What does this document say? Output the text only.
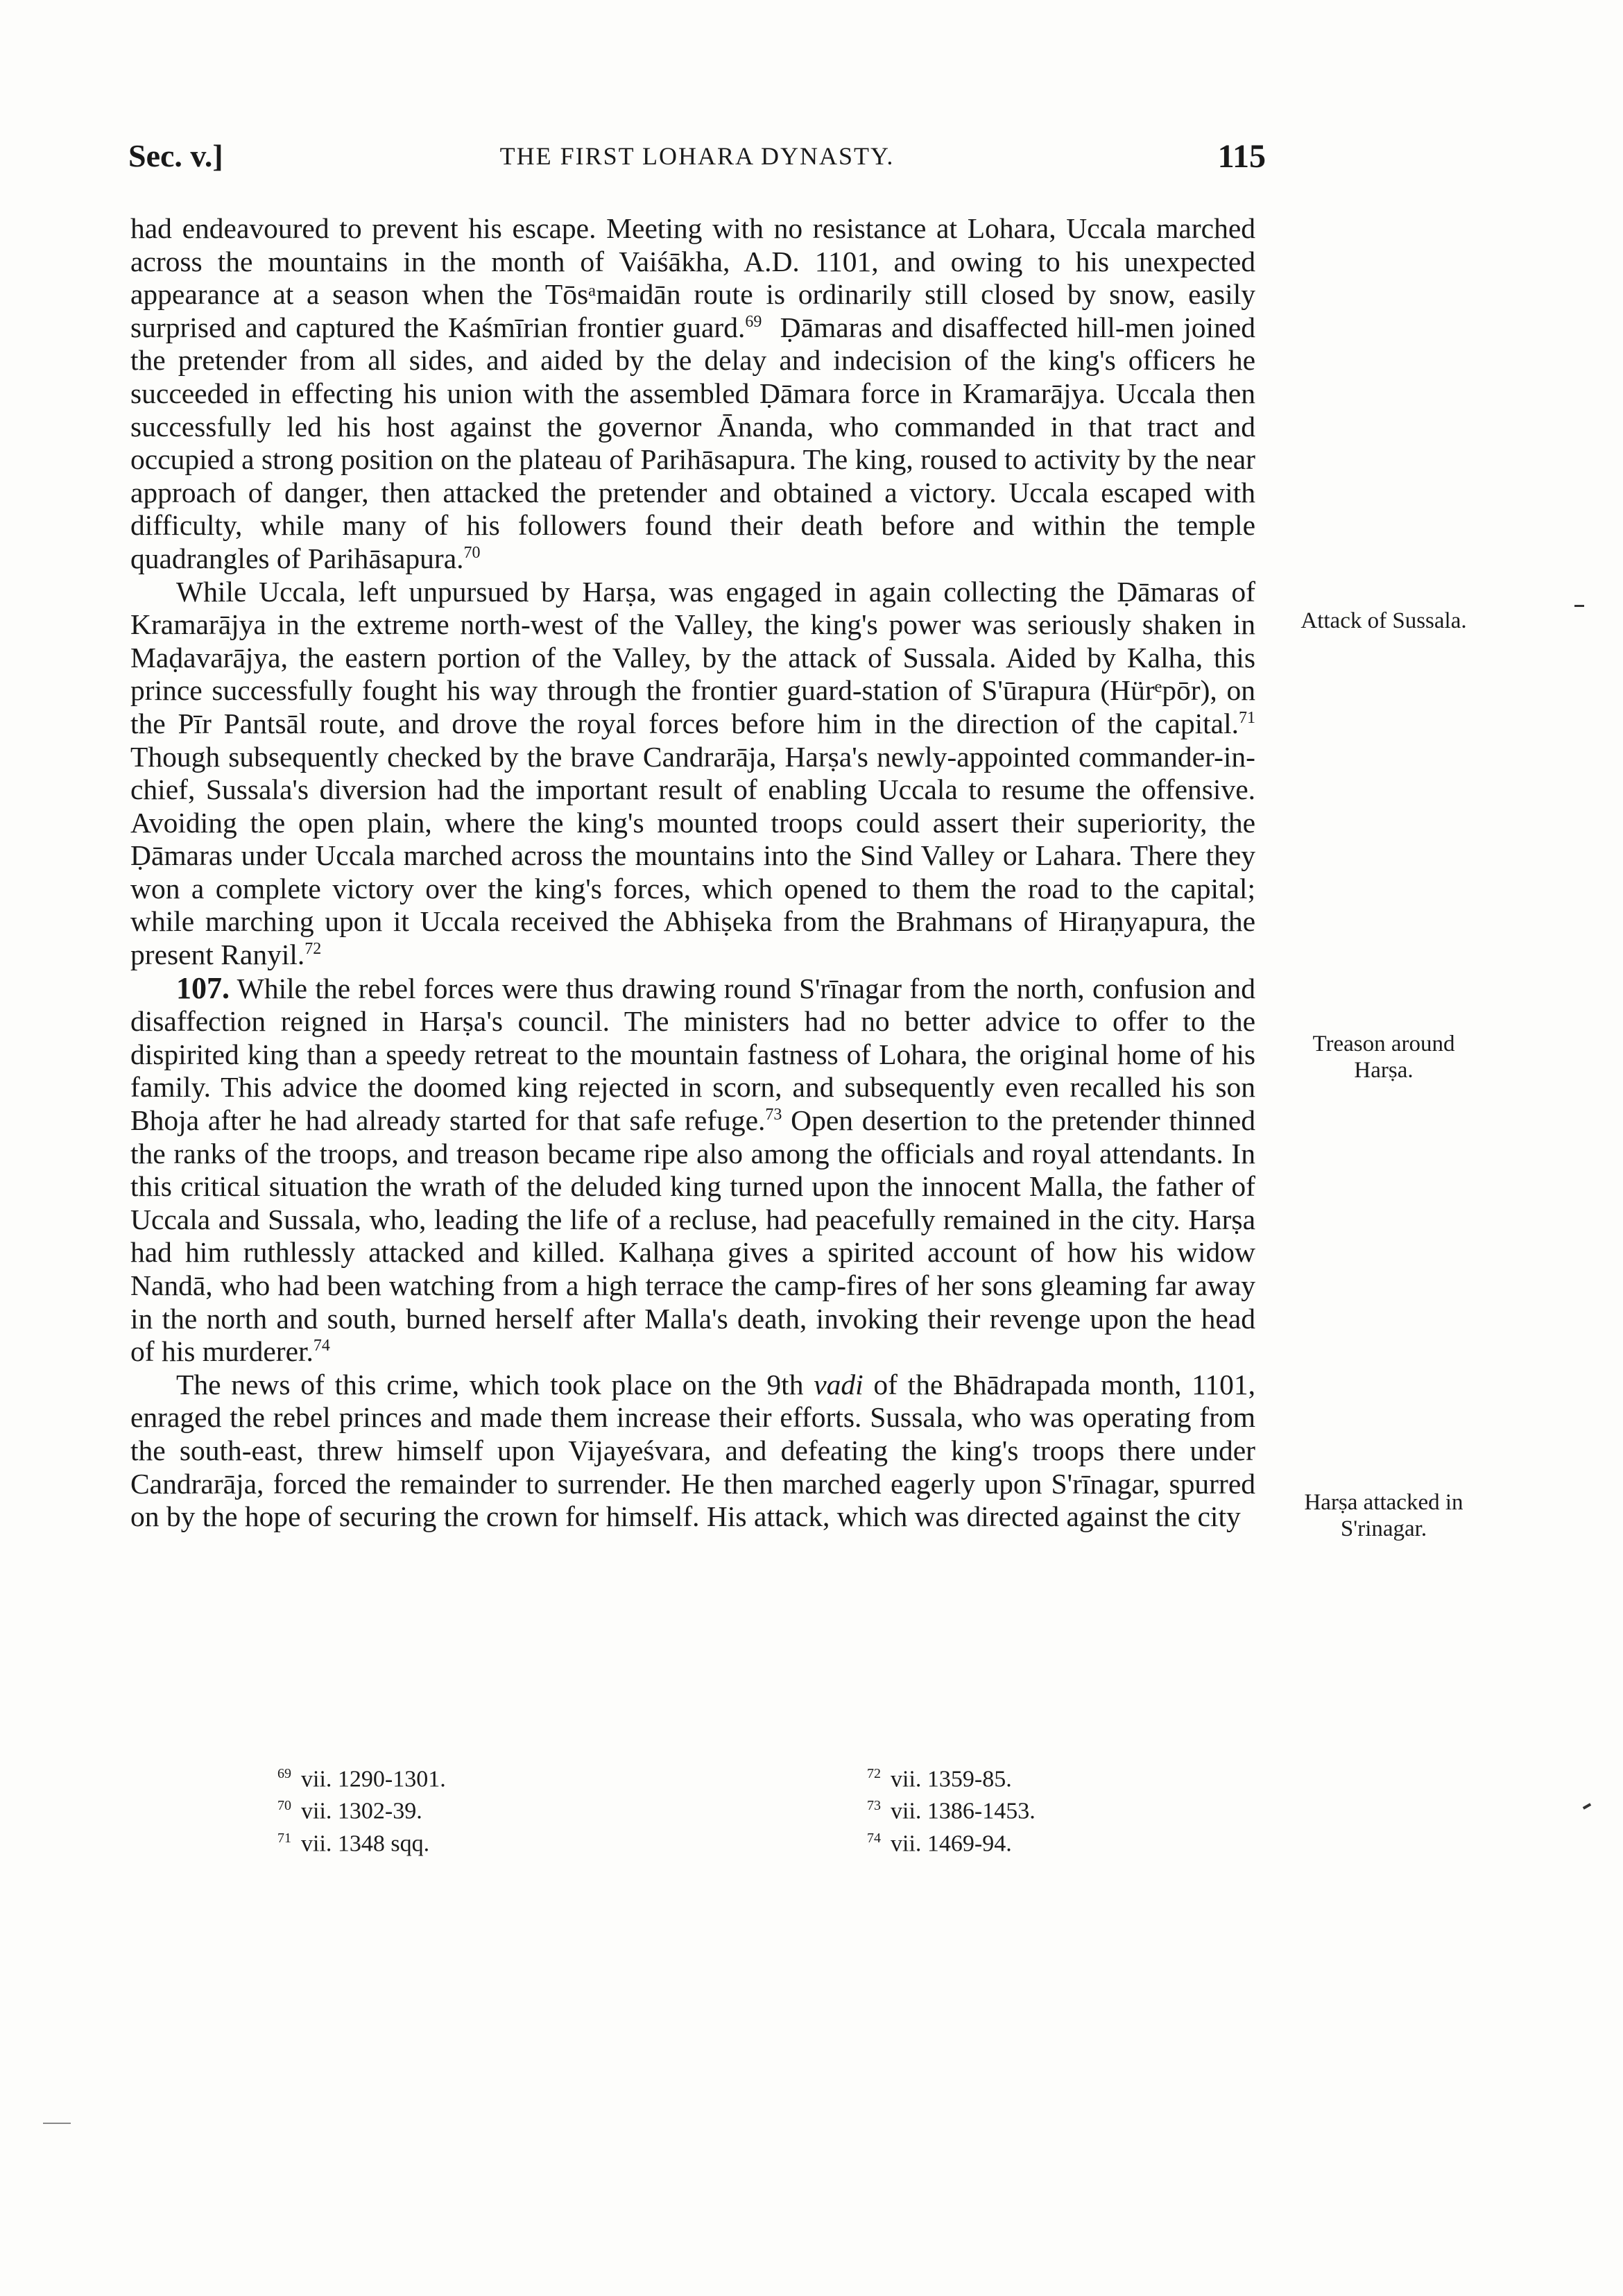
Sec. v.]	THE FIRST LOHARA DYNASTY.	115

had endeavoured to prevent his escape. Meeting with no resistance at Lohara, Uccala marched across the mountains in the month of Vaiśākha, A.D. 1101, and owing to his unexpected appearance at a season when the Tōsᵃmaidān route is ordinarily still closed by snow, easily surprised and captured the Kaśmīrian frontier guard.$^{69}$ Ḍāmaras and disaffected hill-men joined the pretender from all sides, and aided by the delay and indecision of the king's officers he succeeded in effecting his union with the assembled Ḍāmara force in Kramarājya. Uccala then successfully led his host against the governor Ānanda, who commanded in that tract and occupied a strong position on the plateau of Parihāsapura. The king, roused to activity by the near approach of danger, then attacked the pretender and obtained a victory. Uccala escaped with difficulty, while many of his followers found their death before and within the temple quadrangles of Parihāsapura.$^{70}$

While Uccala, left unpursued by Harṣa, was engaged in again collecting the Ḍāmaras of Kramarājya in the extreme north-west of the Valley, the king's power was seriously shaken in Maḍavarājya, the eastern portion of the Valley, by the attack of Sussala. Aided by Kalha, this prince successfully fought his way through the frontier guard-station of S'ūrapura (Hürᵉpōr), on the Pīr Pantsāl route, and drove the royal forces before him in the direction of the capital.$^{71}$ Though subsequently checked by the brave Candrarāja, Harṣa's newly-appointed commander-in-chief, Sussala's diversion had the important result of enabling Uccala to resume the offensive. Avoiding the open plain, where the king's mounted troops could assert their superiority, the Ḍāmaras under Uccala marched across the mountains into the Sind Valley or Lahara. There they won a complete victory over the king's forces, which opened to them the road to the capital; while marching upon it Uccala received the Abhiṣeka from the Brahmans of Hiraṇyapura, the present Ranyil.$^{72}$

107. While the rebel forces were thus drawing round S'rīnagar from the north, confusion and disaffection reigned in Harṣa's council. The ministers had no better advice to offer to the dispirited king than a speedy retreat to the mountain fastness of Lohara, the original home of his family. This advice the doomed king rejected in scorn, and subsequently even recalled his son Bhoja after he had already started for that safe refuge.$^{73}$ Open desertion to the pretender thinned the ranks of the troops, and treason became ripe also among the officials and royal attendants. In this critical situation the wrath of the deluded king turned upon the innocent Malla, the father of Uccala and Sussala, who, leading the life of a recluse, had peacefully remained in the city. Harṣa had him ruthlessly attacked and killed. Kalhaṇa gives a spirited account of how his widow Nandā, who had been watching from a high terrace the camp-fires of her sons gleaming far away in the north and south, burned herself after Malla's death, invoking their revenge upon the head of his murderer.$^{74}$

The news of this crime, which took place on the 9th vadi of the Bhādrapada month, 1101, enraged the rebel princes and made them increase their efforts. Sussala, who was operating from the south-east, threw himself upon Vijayeśvara, and defeating the king's troops there under Candrarāja, forced the remainder to surrender. He then marched eagerly upon S'rīnagar, spurred on by the hope of securing the crown for himself. His attack, which was directed against the city

Attack of Sussala.
Treason around Harṣa.
Harṣa attacked in S'rinagar.
$^{69}$ vii. 1290-1301.
$^{70}$ vii. 1302-39.
$^{71}$ vii. 1348 sqq.
$^{72}$ vii. 1359-85.
$^{73}$ vii. 1386-1453.
$^{74}$ vii. 1469-94.
